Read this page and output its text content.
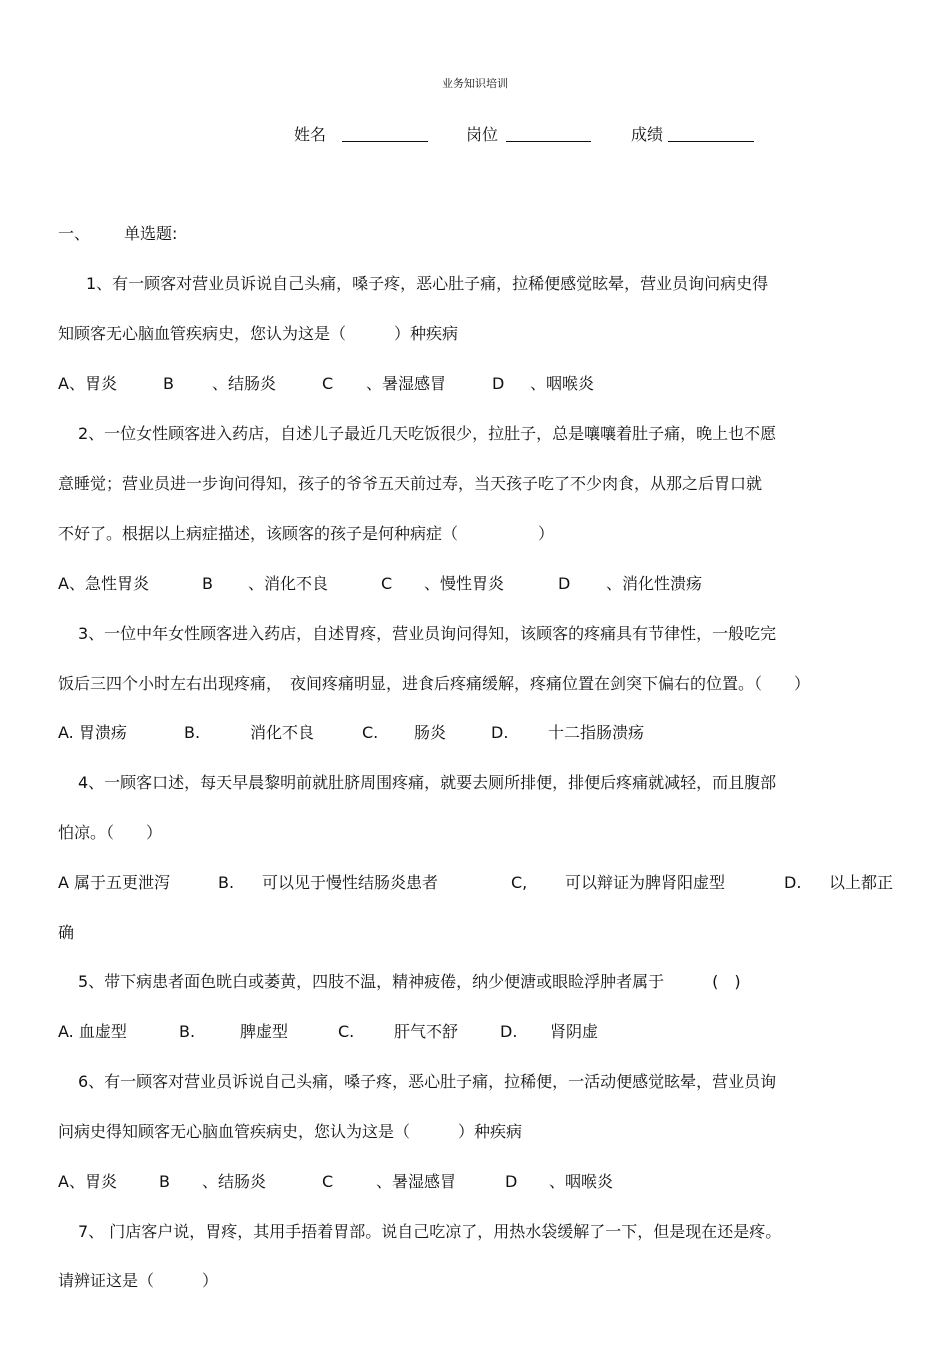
业务知识培训
姓名	岗位	成绩
一、 单选题:
1、有一顾客对营业员诉说自己头痛，嗓子疼，恶心肚子痛，拉稀便感觉眩晕，营业员询问病史得
知顾客无心脑血管疾病史，您认为这是（　　　）种疾病
A、胃炎	B 、结肠炎	C 、暑湿感冒	D 、咽喉炎
2、一位女性顾客进入药店，自述儿子最近几天吃饭很少，拉肚子，总是嚷嚷着肚子痛，晚上也不愿
意睡觉；营业员进一步询问得知，孩子的爷爷五天前过寿，当天孩子吃了不少肉食，从那之后胃口就
不好了。根据以上病症描述，该顾客的孩子是何种病症（　　　　　）
A、急性胃炎	B 、消化不良	C 、慢性胃炎	D 、消化性溃疡
3、一位中年女性顾客进入药店，自述胃疼，营业员询问得知，该顾客的疼痛具有节律性，一般吃完
饭后三四个小时左右出现疼痛，　夜间疼痛明显，进食后疼痛缓解，疼痛位置在剑突下偏右的位置。（　　）
A. 胃溃疡	B.	消化不良	C. 肠炎	D. 十二指肠溃疡
4、一顾客口述，每天早晨黎明前就肚脐周围疼痛，就要去厕所排便，排便后疼痛就减轻，而且腹部
怕凉。（　　）
A 属于五更泄泻	B. 可以见于慢性结肠炎患者	C, 可以辩证为脾肾阳虚型	D. 以上都正
确
5、带下病患者面色晄白或萎黄，四肢不温，精神疲倦，纳少便溏或眼睑浮肿者属于　　　(　)
A. 血虚型	B.	脾虚型	C. 肝气不舒	D. 肾阴虚
6、有一顾客对营业员诉说自己头痛，嗓子疼，恶心肚子痛，拉稀便，一活动便感觉眩晕，营业员询
问病史得知顾客无心脑血管疾病史，您认为这是（　　　）种疾病
A、胃炎	B 、结肠炎	C	、暑湿感冒	D 、咽喉炎
7、 门店客户说，胃疼，其用手捂着胃部。说自己吃凉了，用热水袋缓解了一下，但是现在还是疼。
请辨证这是（　　　）
